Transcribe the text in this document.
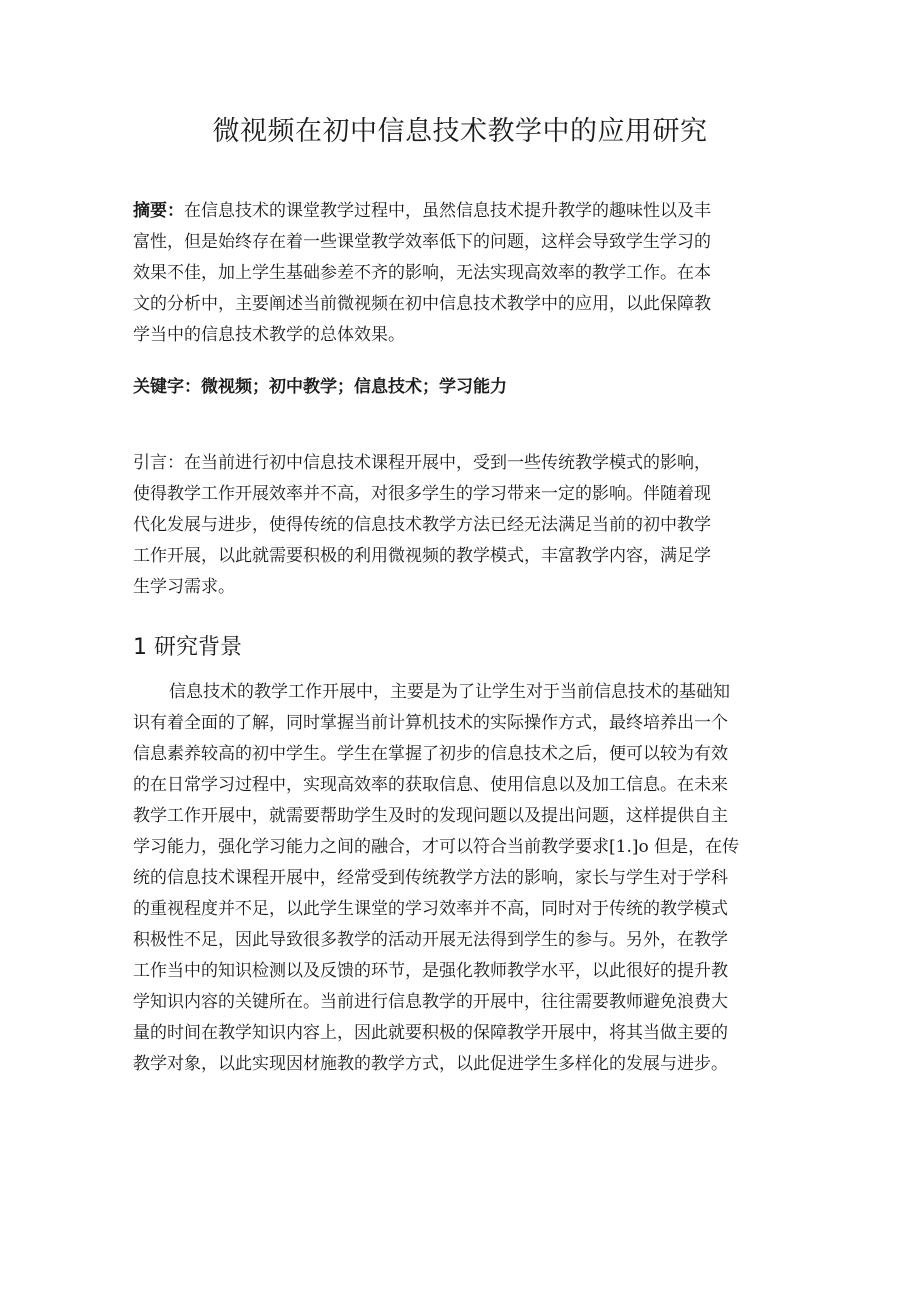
微视频在初中信息技术教学中的应用研究
摘要：在信息技术的课堂教学过程中，虽然信息技术提升教学的趣味性以及丰
富性，但是始终存在着一些课堂教学效率低下的问题，这样会导致学生学习的
效果不佳，加上学生基础参差不齐的影响，无法实现高效率的教学工作。在本
文的分析中，主要阐述当前微视频在初中信息技术教学中的应用，以此保障教
学当中的信息技术教学的总体效果。
关键字：微视频；初中教学；信息技术；学习能力
引言：在当前进行初中信息技术课程开展中，受到一些传统教学模式的影响，
使得教学工作开展效率并不高，对很多学生的学习带来一定的影响。伴随着现
代化发展与进步，使得传统的信息技术教学方法已经无法满足当前的初中教学
工作开展，以此就需要积极的利用微视频的教学模式，丰富教学内容，满足学
生学习需求。
1 研究背景
信息技术的教学工作开展中，主要是为了让学生对于当前信息技术的基础知
识有着全面的了解，同时掌握当前计算机技术的实际操作方式，最终培养出一个
信息素养较高的初中学生。学生在掌握了初步的信息技术之后，便可以较为有效
的在日常学习过程中，实现高效率的获取信息、使用信息以及加工信息。在未来
教学工作开展中，就需要帮助学生及时的发现问题以及提出问题，这样提供自主
学习能力，强化学习能力之间的融合，才可以符合当前教学要求[1.]o 但是，在传
统的信息技术课程开展中，经常受到传统教学方法的影响，家长与学生对于学科
的重视程度并不足，以此学生课堂的学习效率并不高，同时对于传统的教学模式
积极性不足，因此导致很多教学的活动开展无法得到学生的参与。另外，在教学
工作当中的知识检测以及反馈的环节，是强化教师教学水平，以此很好的提升教
学知识内容的关键所在。当前进行信息教学的开展中，往往需要教师避免浪费大
量的时间在教学知识内容上，因此就要积极的保障教学开展中，将其当做主要的
教学对象，以此实现因材施教的教学方式，以此促进学生多样化的发展与进步。
